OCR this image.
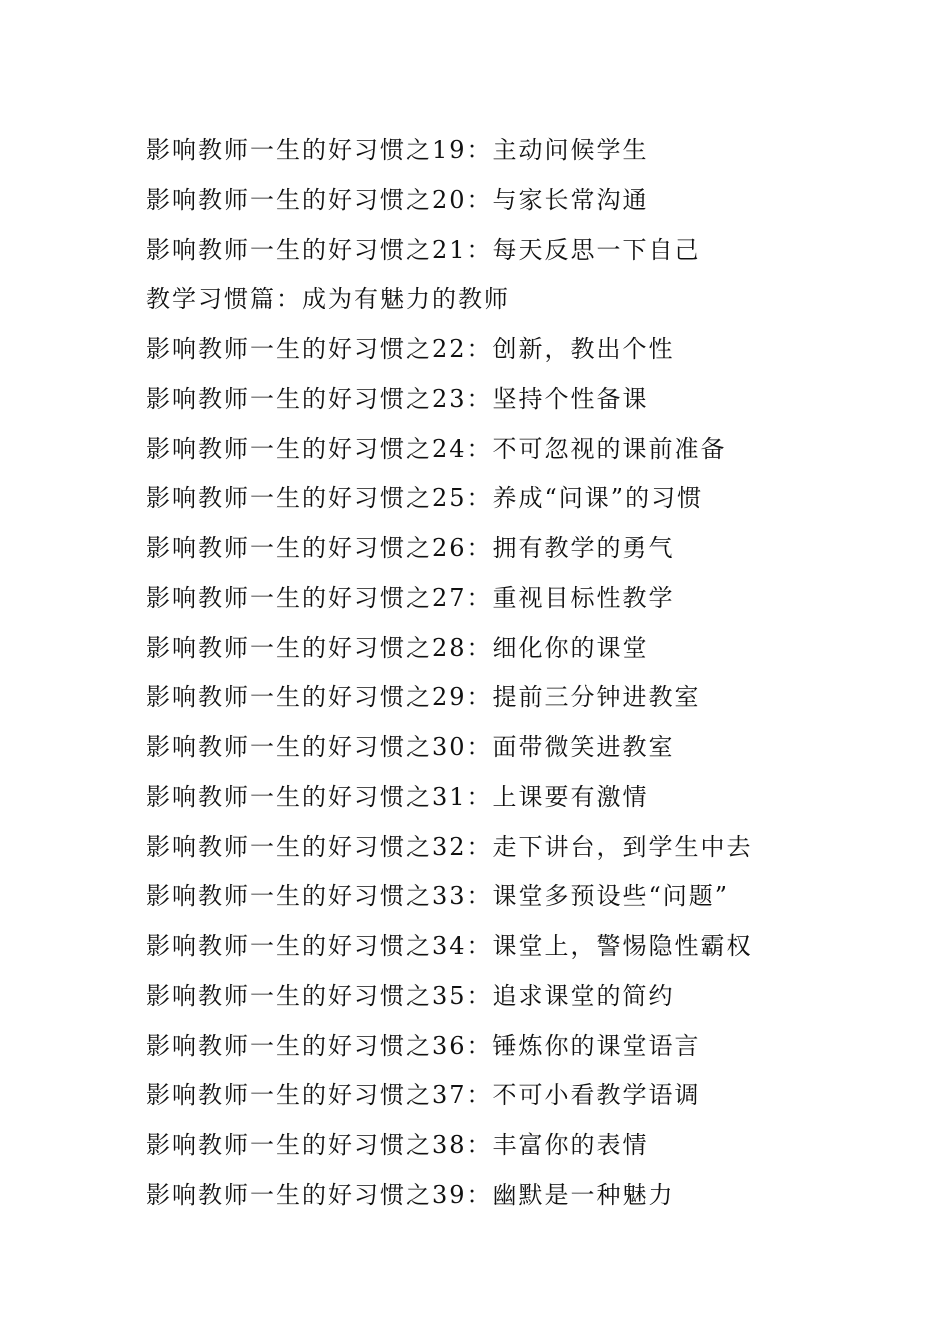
影响教师一生的好习惯之19：主动问候学生
影响教师一生的好习惯之20：与家长常沟通
影响教师一生的好习惯之21：每天反思一下自己
教学习惯篇：成为有魅力的教师
影响教师一生的好习惯之22：创新，教出个性
影响教师一生的好习惯之23：坚持个性备课
影响教师一生的好习惯之24：不可忽视的课前准备
影响教师一生的好习惯之25：养成“问课”的习惯
影响教师一生的好习惯之26：拥有教学的勇气
影响教师一生的好习惯之27：重视目标性教学
影响教师一生的好习惯之28：细化你的课堂
影响教师一生的好习惯之29：提前三分钟进教室
影响教师一生的好习惯之30：面带微笑进教室
影响教师一生的好习惯之31：上课要有激情
影响教师一生的好习惯之32：走下讲台，到学生中去
影响教师一生的好习惯之33：课堂多预设些“问题”
影响教师一生的好习惯之34：课堂上，警惕隐性霸权
影响教师一生的好习惯之35：追求课堂的简约
影响教师一生的好习惯之36：锤炼你的课堂语言
影响教师一生的好习惯之37：不可小看教学语调
影响教师一生的好习惯之38：丰富你的表情
影响教师一生的好习惯之39：幽默是一种魅力
